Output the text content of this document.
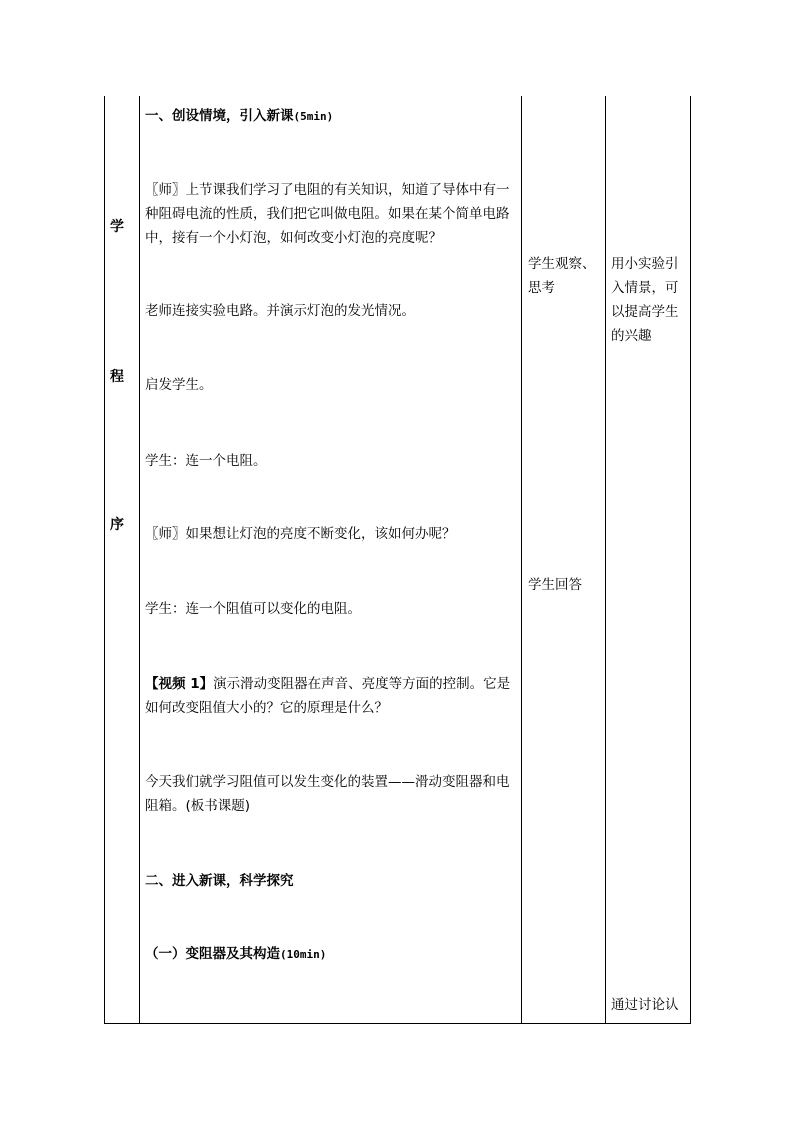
学
程
序
一、创设情境，引入新课(5min)
〖师〗上节课我们学习了电阻的有关知识，知道了导体中有一种阻碍电流的性质，我们把它叫做电阻。如果在某个简单电路中，接有一个小灯泡，如何改变小灯泡的亮度呢？
老师连接实验电路。并演示灯泡的发光情况。
启发学生。
学生：连一个电阻。
〖师〗如果想让灯泡的亮度不断变化，该如何办呢？
学生：连一个阻值可以变化的电阻。
【视频 1】演示滑动变阻器在声音、亮度等方面的控制。它是如何改变阻值大小的？它的原理是什么？
今天我们就学习阻值可以发生变化的装置——滑动变阻器和电阻箱。(板书课题)
二、进入新课，科学探究
（一）变阻器及其构造(10min)
学生观察、思考
学生回答
用小实验引入情景，可以提高学生的兴趣
通过讨论认
